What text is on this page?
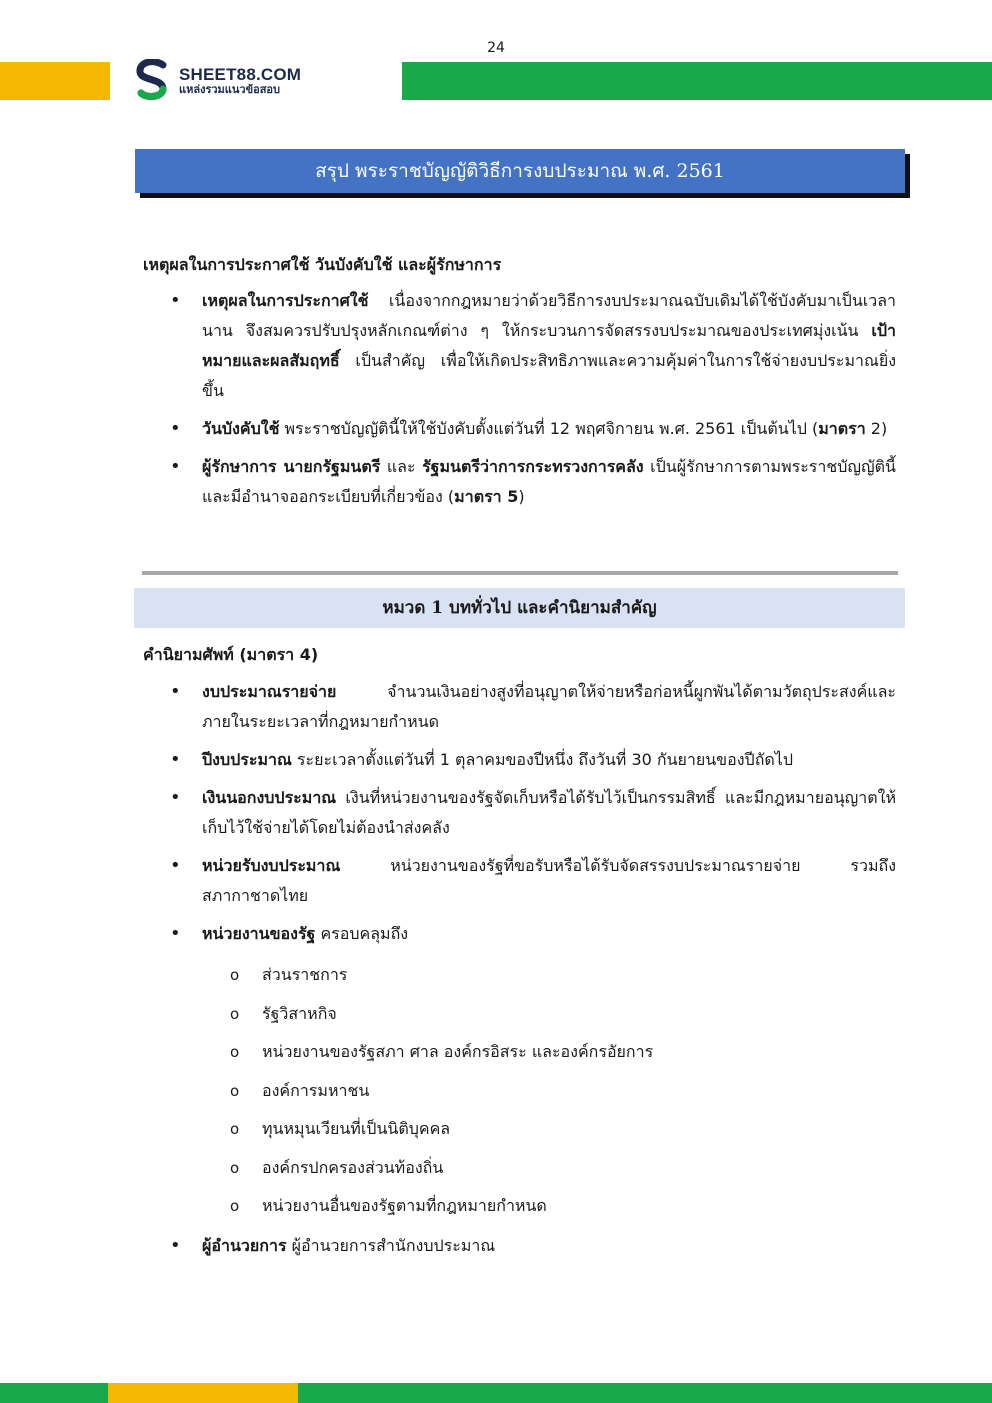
24
SHEET88.COM
แหล่งรวมแนวข้อสอบ
สรุป พระราชบัญญัติวิธีการงบประมาณ พ.ศ. 2561
เหตุผลในการประกาศใช้ วันบังคับใช้ และผู้รักษาการ
• เหตุผลในการประกาศใช้ เนื่องจากกฎหมายว่าด้วยวิธีการงบประมาณฉบับเดิมได้ใช้บังคับมาเป็นเวลานาน จึงสมควรปรับปรุงหลักเกณฑ์ต่าง ๆ ให้กระบวนการจัดสรรงบประมาณของประเทศมุ่งเน้น เป้าหมายและผลสัมฤทธิ์ เป็นสำคัญ เพื่อให้เกิดประสิทธิภาพและความคุ้มค่าในการใช้จ่ายงบประมาณยิ่งขึ้น
• วันบังคับใช้ พระราชบัญญัตินี้ให้ใช้บังคับตั้งแต่วันที่ 12 พฤศจิกายน พ.ศ. 2561 เป็นต้นไป (มาตรา 2)
• ผู้รักษาการ นายกรัฐมนตรี และ รัฐมนตรีว่าการกระทรวงการคลัง เป็นผู้รักษาการตามพระราชบัญญัตินี้ และมีอำนาจออกระเบียบที่เกี่ยวข้อง (มาตรา 5)
หมวด 1 บททั่วไป และคำนิยามสำคัญ
คำนิยามศัพท์ (มาตรา 4)
• งบประมาณรายจ่าย จำนวนเงินอย่างสูงที่อนุญาตให้จ่ายหรือก่อหนี้ผูกพันได้ตามวัตถุประสงค์และภายในระยะเวลาที่กฎหมายกำหนด
• ปีงบประมาณ ระยะเวลาตั้งแต่วันที่ 1 ตุลาคมของปีหนึ่ง ถึงวันที่ 30 กันยายนของปีถัดไป
• เงินนอกงบประมาณ เงินที่หน่วยงานของรัฐจัดเก็บหรือได้รับไว้เป็นกรรมสิทธิ์ และมีกฎหมายอนุญาตให้เก็บไว้ใช้จ่ายได้โดยไม่ต้องนำส่งคลัง
• หน่วยรับงบประมาณ หน่วยงานของรัฐที่ขอรับหรือได้รับจัดสรรงบประมาณรายจ่าย รวมถึงสภากาชาดไทย
• หน่วยงานของรัฐ ครอบคลุมถึง
o ส่วนราชการ
o รัฐวิสาหกิจ
o หน่วยงานของรัฐสภา ศาล องค์กรอิสระ และองค์กรอัยการ
o องค์การมหาชน
o ทุนหมุนเวียนที่เป็นนิติบุคคล
o องค์กรปกครองส่วนท้องถิ่น
o หน่วยงานอื่นของรัฐตามที่กฎหมายกำหนด
• ผู้อำนวยการ ผู้อำนวยการสำนักงบประมาณ
